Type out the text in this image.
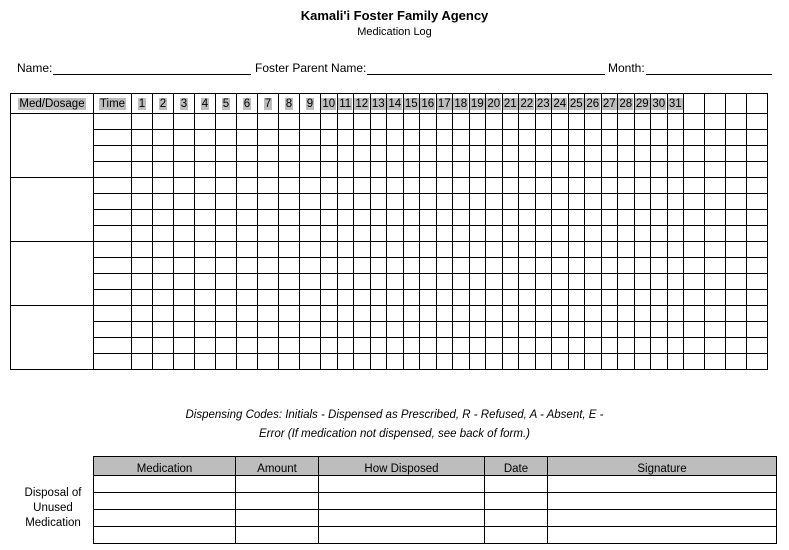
Kamali'i Foster Family Agency
Medication Log
Name:	Foster Parent Name:	Month:
Med/Dosage	Time	1	2	3	4	5	6	7	8	9	10	11	12	13	14	15	16	17	18	19	20	21	22	23	24	25	26	27	28	29	30	31				

Dispensing Codes: Initials - Dispensed as Prescribed, R - Refused, A - Absent, E -
Error (If medication not dispensed, see back of form.)
Disposal of
Unused
Medication
Medication	Amount	How Disposed	Date	Signature
